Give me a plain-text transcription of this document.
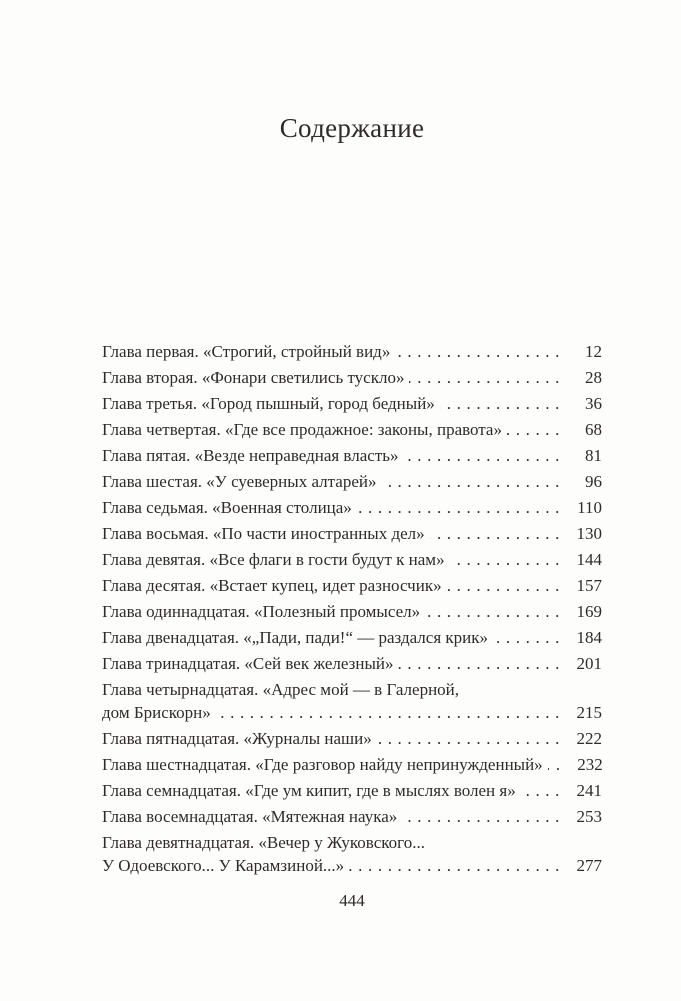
Содержание
Глава первая. «Строгий, стройный вид» .....	12
Глава вторая. «Фонари светились тускло» .....	28
Глава третья. «Город пышный, город бедный» .....	36
Глава четвертая. «Где все продажное: законы, правота» .....	68
Глава пятая. «Везде неправедная власть» .....	81
Глава шестая. «У суеверных алтарей» .....	96
Глава седьмая. «Военная столица» .....	110
Глава восьмая. «По части иностранных дел» .....	130
Глава девятая. «Все флаги в гости будут к нам» .....	144
Глава десятая. «Встает купец, идет разносчик» .....	157
Глава одиннадцатая. «Полезный промысел» .....	169
Глава двенадцатая. «„Пади, пади!“ — раздался крик» .....	184
Глава тринадцатая. «Сей век железный» .....	201
Глава четырнадцатая. «Адрес мой — в Галерной,
дом Брискорн» .....	215
Глава пятнадцатая. «Журналы наши» .....	222
Глава шестнадцатая. «Где разговор найду непринужденный» ..... 232
Глава семнадцатая. «Где ум кипит, где в мыслях волен я» .....	241
Глава восемнадцатая. «Мятежная наука» .....	253
Глава девятнадцатая. «Вечер у Жуковского...
У Одоевского... У Карамзиной...» .....	277
444
